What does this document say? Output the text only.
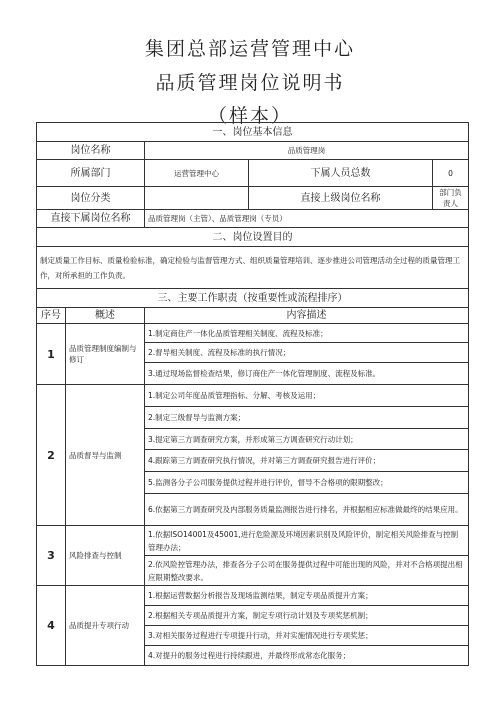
集团总部运营管理中心
品质管理岗位说明书
（样本）
一、岗位基本信息				
岗位名称		品质管理岗		
所属部门		运营管理中心	下属人员总数	0
岗位分类			直接上级岗位名称	部门负责人
直接下属岗位名称		品质管理岗（主管）、品质管理岗（专员）		
二、岗位设置目的				
制定质量工作目标、质量检验标准，确定检验与监督管理方式、组织质量管理培训、逐步推进公司管理活动全过程的质量管理工作，对所承担的工作负责。				
三、主要工作职责（按重要性或流程排序）				
序号	概述	内容描述		
1	品质管理制度编制与修订	1.制定商住产一体化品质管理相关制度、流程及标准；		
		2.督导相关制度、流程及标准的执行情况；		
		3.通过现场监督检查结果，修订商住产一体化管理制度、流程及标准。		
2	品质督导与监测	1.制定公司年度品质管理指标、分解、考核及运用；		
		2.制定三级督导与监测方案；		
		3.提定第三方调查研究方案，并形成第三方调查研究行动计划；		
		4.跟踪第三方调查研究执行情况，并对第三方调查研究报告进行评价；		
		5.监测各分子公司服务提供过程并进行评价，督导不合格项的限期整改；		
		6.依据第三方调查研究及内部服务质量监测报告进行排名，并根据相应标准做最终的结果应用。		
3	风险排查与控制	1.依据ISO14001及45001,进行危险源及环境因素识别及风险评价，制定相关风险排查与控制管理办法；		
		2.依风险控管理办法，排查各分子公司在服务提供过程中可能出现的风险，并对不合格项提出相应限期整改要求。		
4	品质提升专项行动	1.根据运营数据分析报告及现场监测结果，制定专项品质提升方案；		
		2.根据相关专项品质提升方案，制定专项行动计划及专项奖惩机制；		
		3.对相关服务过程进行专项提升行动，并对实施情况进行专项奖惩；		
		4.对提升的服务过程进行持续跟进，并最终形成常态化服务；		
